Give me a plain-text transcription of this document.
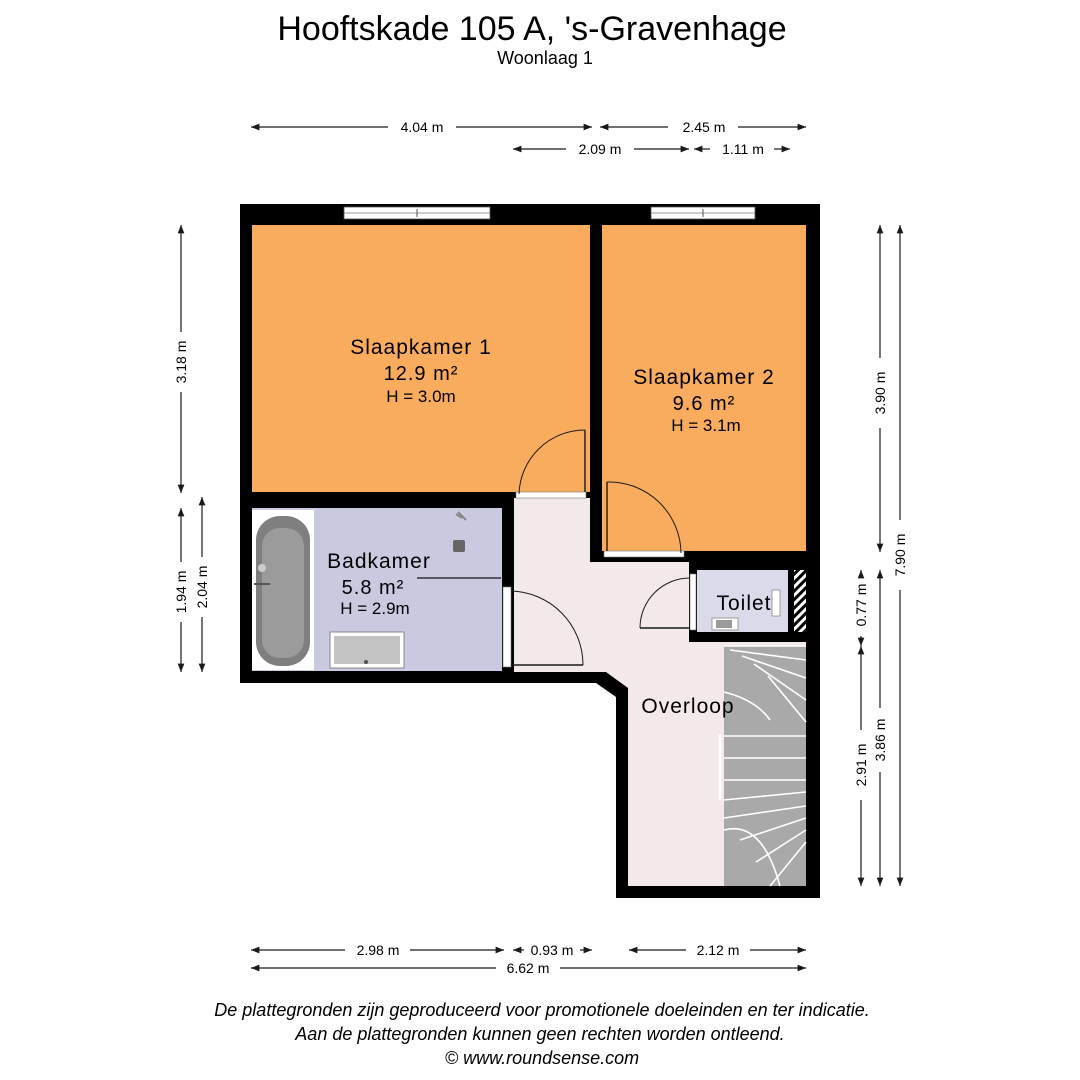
Hooftskade 105 A, 's-Gravenhage
Woonlaag 1
4.04 m	2.45 m
2.09 m	1.11 m
3.18 m
1.94 m 2.04 m
3.90 m
0.77 m
2.91 m
3.86 m
7.90 m
2.98 m	0.93 m	2.12 m
6.62 m
Slaapkamer 1
12.9 m²
H = 3.0m
Slaapkamer 2
9.6 m²
H = 3.1m
Badkamer
5.8 m²
H = 2.9m	Toilet
Overloop
De plattegronden zijn geproduceerd voor promotionele doeleinden en ter indicatie.
Aan de plattegronden kunnen geen rechten worden ontleend.
© www.roundsense.com
